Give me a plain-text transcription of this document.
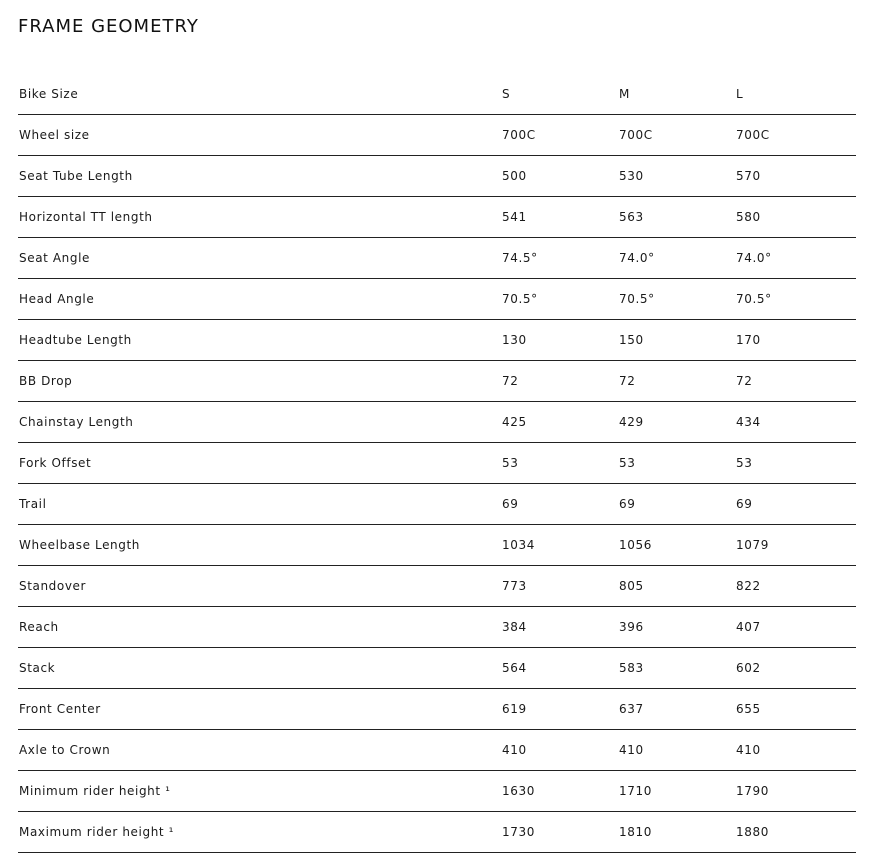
FRAME GEOMETRY
Bike Size	S	M	L
Wheel size	700C	700C	700C
Seat Tube Length	500	530	570
Horizontal TT length	541	563	580
Seat Angle	74.5°	74.0°	74.0°
Head Angle	70.5°	70.5°	70.5°
Headtube Length	130	150	170
BB Drop	72	72	72
Chainstay Length	425	429	434
Fork Offset	53	53	53
Trail	69	69	69
Wheelbase Length	1034	1056	1079
Standover	773	805	822
Reach	384	396	407
Stack	564	583	602
Front Center	619	637	655
Axle to Crown	410	410	410
Minimum rider height ¹	1630	1710	1790
Maximum rider height ¹	1730	1810	1880
